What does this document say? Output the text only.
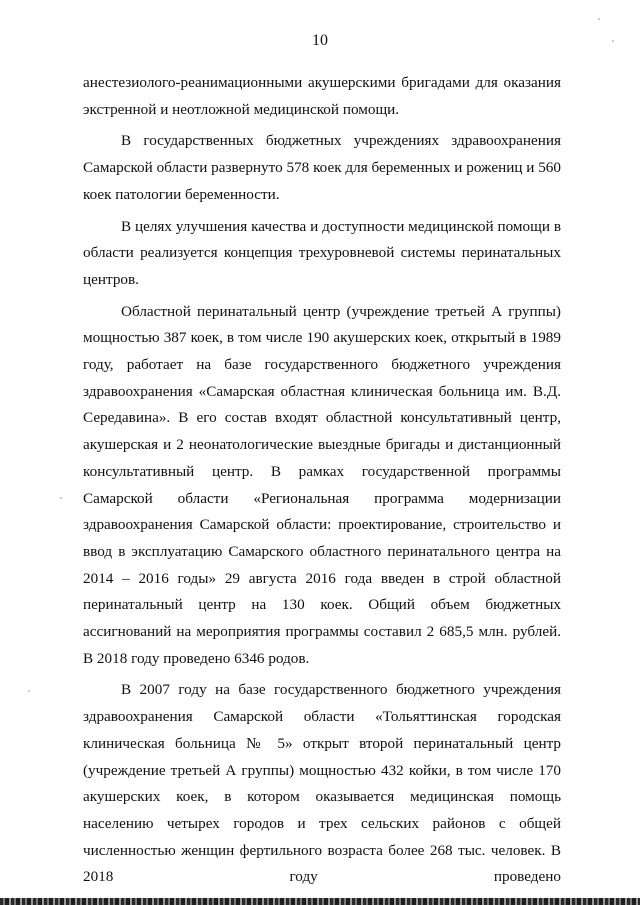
10

анестезиолого-реанимационными акушерскими бригадами для оказания экстренной и неотложной медицинской помощи.

В государственных бюджетных учреждениях здравоохранения Самарской области развернуто 578 коек для беременных и рожениц и 560 коек патологии беременности.

В целях улучшения качества и доступности медицинской помощи в области реализуется концепция трехуровневой системы перинатальных центров.

Областной перинатальный центр (учреждение третьей А группы) мощностью 387 коек, в том числе 190 акушерских коек, открытый в 1989 году, работает на базе государственного бюджетного учреждения здравоохранения «Самарская областная клиническая больница им. В.Д. Середавина». В его состав входят областной консультативный центр, акушерская и 2 неонатологические выездные бригады и дистанционный консультативный центр. В рамках государственной программы Самарской области «Региональная программа модернизации здравоохранения Самарской области: проектирование, строительство и ввод в эксплуатацию Самарского областного перинатального центра на 2014 – 2016 годы» 29 августа 2016 года введен в строй областной перинатальный центр на 130 коек. Общий объем бюджетных ассигнований на мероприятия программы составил 2 685,5 млн. рублей. В 2018 году проведено 6346 родов.

В 2007 году на базе государственного бюджетного учреждения здравоохранения Самарской области «Тольяттинская городская клиническая больница № 5» открыт второй перинатальный центр (учреждение третьей А группы) мощностью 432 койки, в том числе 170 акушерских коек, в котором оказывается медицинская помощь населению четырех городов и трех сельских районов с общей численностью женщин фертильного возраста более 268 тыс. человек. В 2018 году проведено
